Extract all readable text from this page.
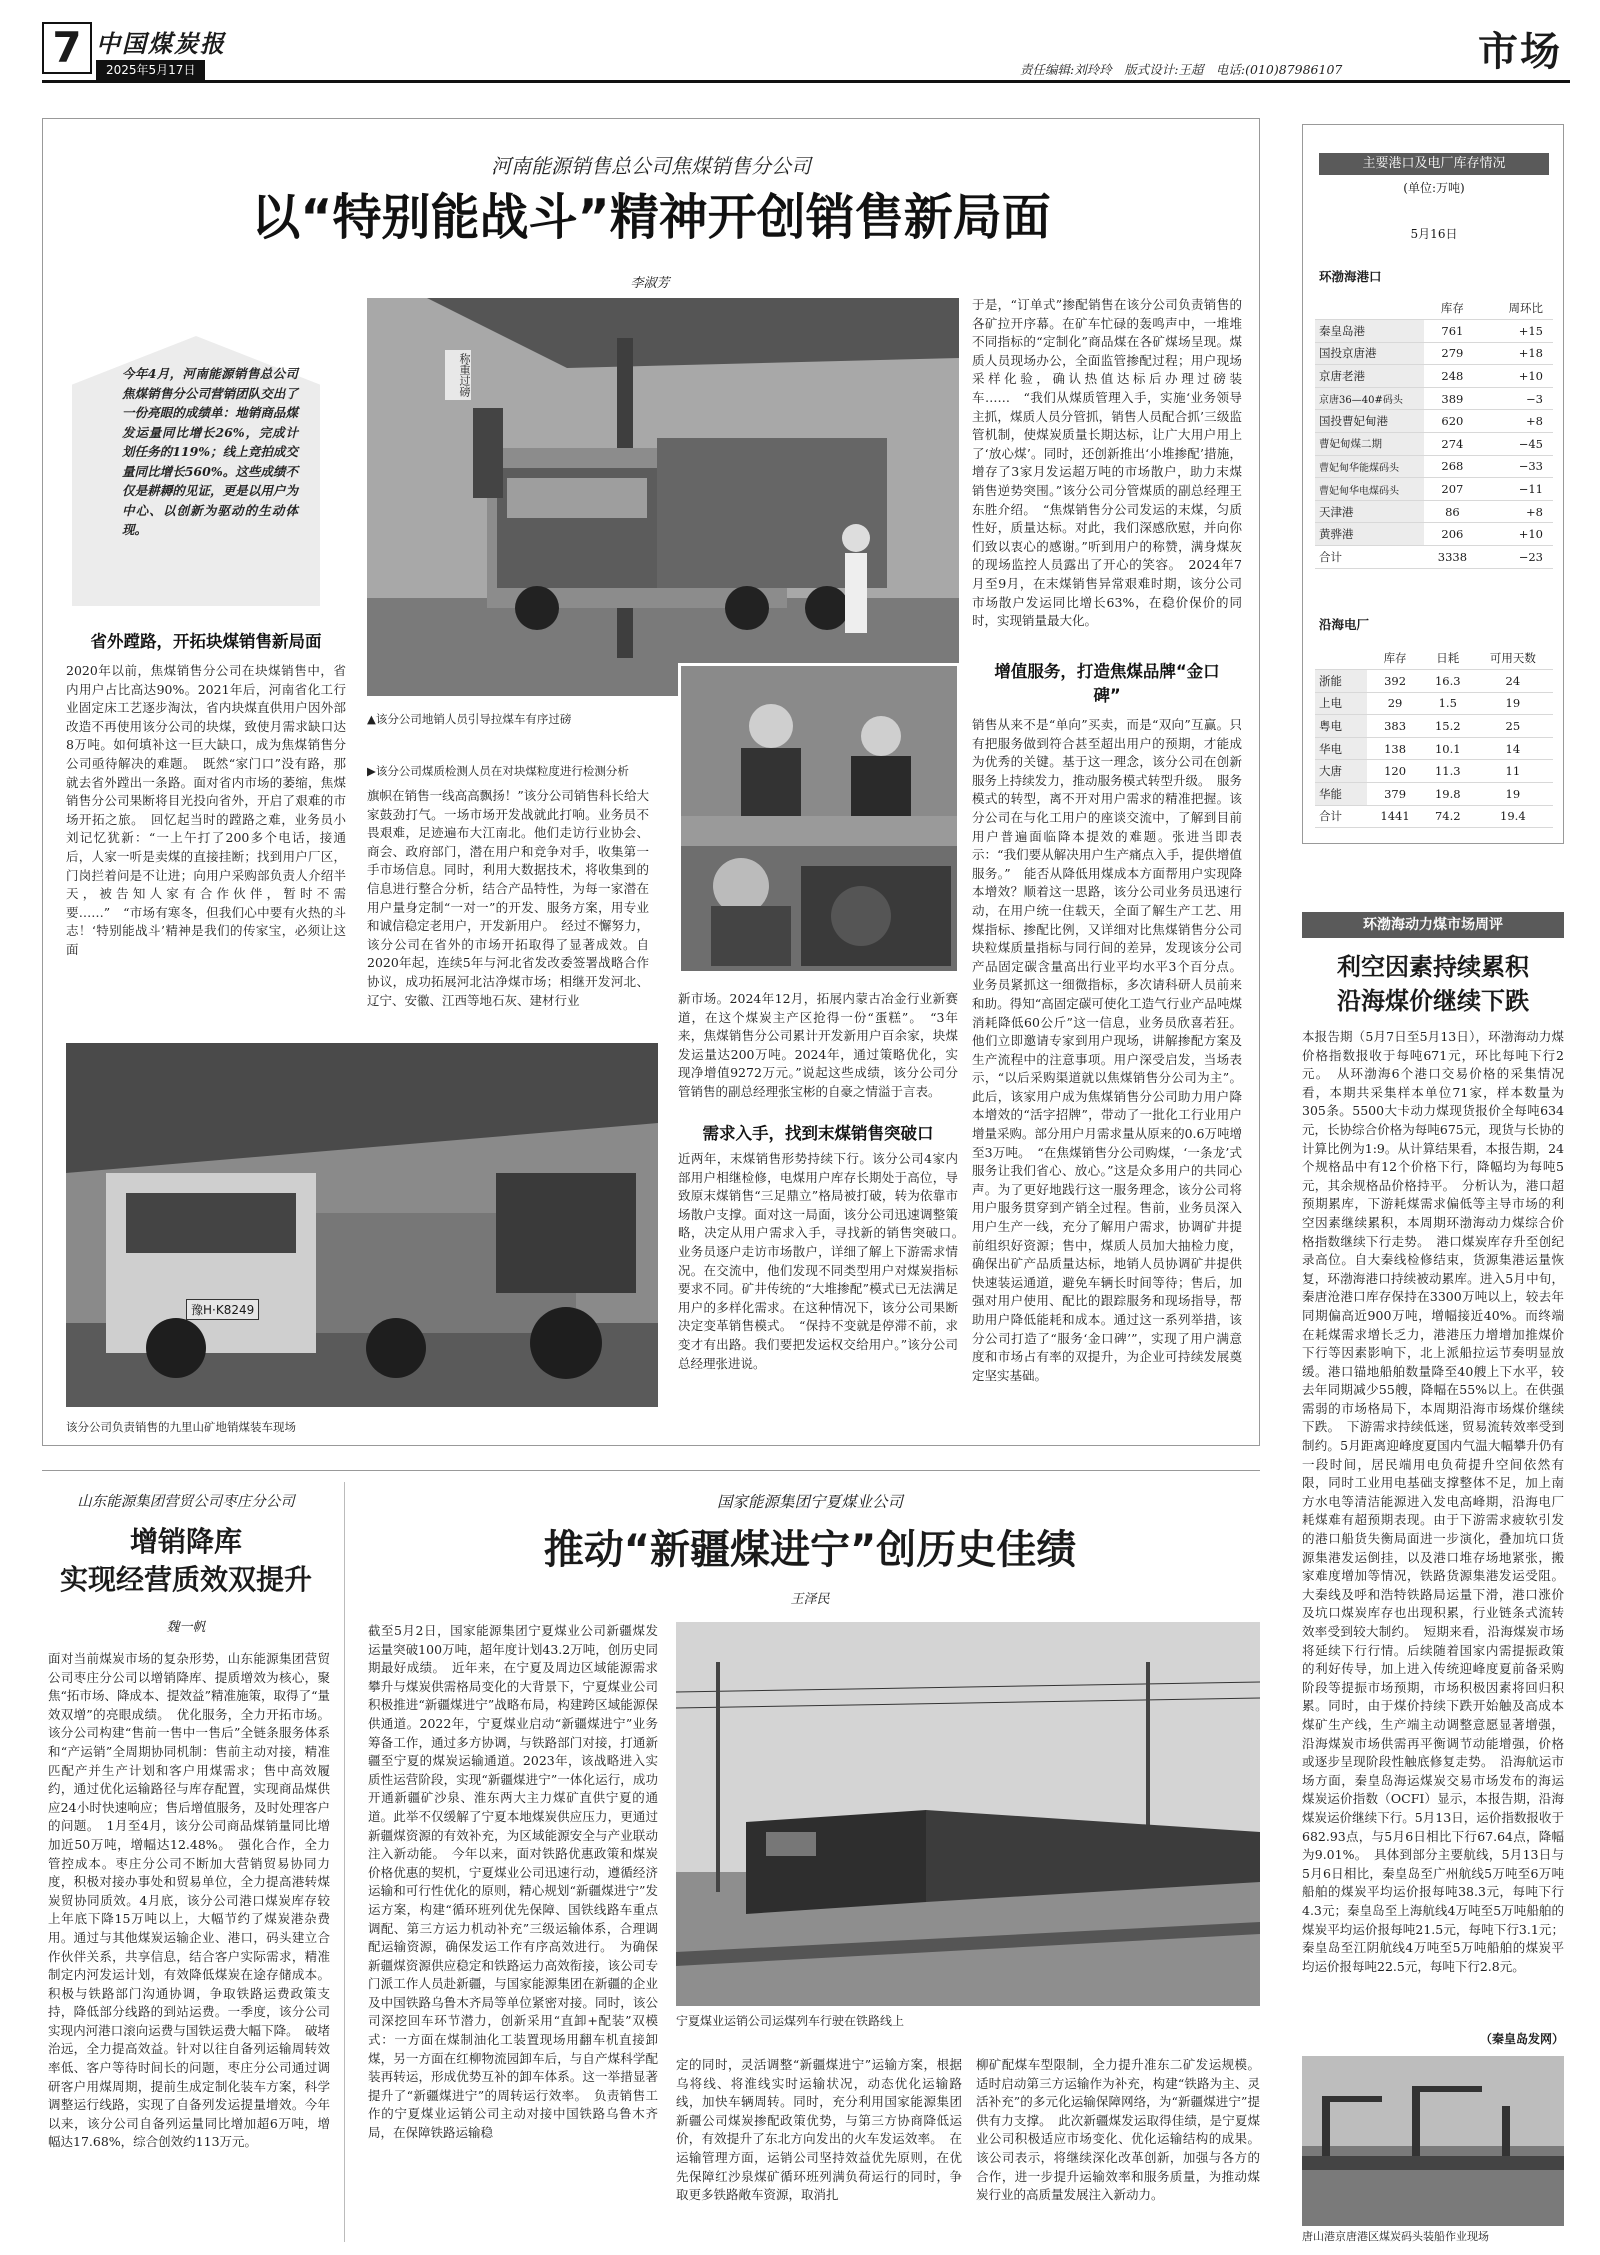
7 中国煤炭报
2025年5月17日	责任编辑:刘玲玲　版式设计:王超　电话:(010)87986107	市场
河南能源销售总公司焦煤销售分公司
以“特别能战斗”精神开创销售新局面
李淑芳
今年4月，河南能源销售总公司焦煤销售分公司营销团队交出了一份亮眼的成绩单：地销商品煤发运量同比增长26%，完成计划任务的119%；线上竞拍成交量同比增长560%。这些成绩不仅是耕耨的见证，更是以用户为中心、以创新为驱动的生动体现。
省外蹚路，开拓块煤销售新局面
2020年以前，焦煤销售分公司在块煤销售中，省内用户占比高达90%。2021年后，河南省化工行业固定床工艺逐步淘汰，省内块煤直供用户因外部改造不再使用该分公司的块煤，致使月需求缺口达8万吨。如何填补这一巨大缺口，成为焦煤销售分公司亟待解决的难题。　既然“家门口”没有路，那就去省外蹚出一条路。面对省内市场的萎缩，焦煤销售分公司果断将目光投向省外，开启了艰难的市场开拓之旅。　回忆起当时的蹚路之难，业务员小刘记忆犹新：“一上午打了200多个电话，接通后，人家一听是卖煤的直接挂断；找到用户厂区，门岗拦着问是不让进；向用户采购部负责人介绍半天，被告知人家有合作伙伴，暂时不需要……”　“市场有寒冬，但我们心中要有火热的斗志！‘特别能战斗’精神是我们的传家宝，必须让这面
称重过磅
▲该分公司地销人员引导拉煤车有序过磅
▶该分公司煤质检测人员在对块煤粒度进行检测分析
豫H·K8249
该分公司负责销售的九里山矿地销煤装车现场
旗帜在销售一线高高飘扬！”该分公司销售科长给大家鼓劲打气。一场市场开发战就此打响。业务员不畏艰难，足迹遍布大江南北。他们走访行业协会、商会、政府部门，潜在用户和竞争对手，收集第一手市场信息。同时，利用大数据技术，将收集到的信息进行整合分析，结合产品特性，为每一家潜在用户量身定制“一对一”的开发、服务方案，用专业和诚信稳定老用户，开发新用户。　经过不懈努力，该分公司在省外的市场开拓取得了显著成效。自2020年起，连续5年与河北省发改委签署战略合作协议，成功拓展河北沽净煤市场；相继开发河北、辽宁、安徽、江西等地石灰、建材行业	新市场。2024年12月，拓展内蒙古冶金行业新赛道，在这个煤炭主产区抢得一份“蛋糕”。　“3年来，焦煤销售分公司累计开发新用户百余家，块煤发运量达200万吨。2024年，通过策略优化，实现净增值9272万元。”说起这些成绩，该分公司分管销售的副总经理张宝彬的自豪之情溢于言表。
需求入手，找到末煤销售突破口
近两年，末煤销售形势持续下行。该分公司4家内部用户相继检修，电煤用户库存长期处于高位，导致原末煤销售“三足鼎立”格局被打破，转为依靠市场散户支撑。面对这一局面，该分公司迅速调整策略，决定从用户需求入手，寻找新的销售突破口。　业务员逐户走访市场散户，详细了解上下游需求情况。在交流中，他们发现不同类型用户对煤炭指标要求不同。矿井传统的“大堆掺配”模式已无法满足用户的多样化需求。在这种情况下，该分公司果断决定变革销售模式。　“保持不变就是停滞不前，求变才有出路。我们要把发运权交给用户。”该分公司总经理张进说。
于是，“订单式”掺配销售在该分公司负责销售的各矿拉开序幕。在矿车忙碌的轰鸣声中，一堆堆不同指标的“定制化”商品煤在各矿煤场呈现。煤质人员现场办公，全面监管掺配过程；用户现场采样化验，确认热值达标后办理过磅装车……　“我们从煤质管理入手，实施‘业务领导主抓，煤质人员分管抓，销售人员配合抓’三级监管机制，使煤炭质量长期达标，让广大用户用上了‘放心煤’。同时，还创新推出‘小堆掺配’措施，增存了3家月发运超万吨的市场散户，助力末煤销售逆势突围。”该分公司分管煤质的副总经理王东胜介绍。　“焦煤销售分公司发运的末煤，匀质性好，质量达标。对此，我们深感欣慰，并向你们致以衷心的感谢。”听到用户的称赞，满身煤灰的现场监控人员露出了开心的笑容。　2024年7月至9月，在末煤销售异常艰难时期，该分公司市场散户发运同比增长63%，在稳价保价的同时，实现销量最大化。
增值服务，打造焦煤品牌“金口碑”
销售从来不是“单向”买卖，而是“双向”互赢。只有把服务做到符合甚至超出用户的预期，才能成为优秀的关键。基于这一理念，该分公司在创新服务上持续发力，推动服务模式转型升级。　服务模式的转型，离不开对用户需求的精准把握。该分公司在与化工用户的座谈交流中，了解到目前用户普遍面临降本提效的难题。张进当即表示：“我们要从解决用户生产痛点入手，提供增值服务。”　能否从降低用煤成本方面帮用户实现降本增效？顺着这一思路，该分公司业务员迅速行动，在用户统一住载天，全面了解生产工艺、用煤指标、掺配比例，又详细对比焦煤销售分公司块粒煤质量指标与同行间的差异，发现该分公司产品固定碳含量高出行业平均水平3个百分点。业务员紧抓这一细微指标，多次请科研人员前来和助。得知“高固定碳可使化工造气行业产品吨煤消耗降低60公斤”这一信息，业务员欣喜若狂。他们立即邀请专家到用户现场，讲解掺配方案及生产流程中的注意事项。用户深受启发，当场表示，“以后采购渠道就以焦煤销售分公司为主”。此后，该家用户成为焦煤销售分公司助力用户降本增效的“活字招牌”，带动了一批化工行业用户增量采购。部分用户月需求量从原来的0.6万吨增至3万吨。　“在焦煤销售分公司购煤，‘一条龙’式服务让我们省心、放心。”这是众多用户的共同心声。为了更好地践行这一服务理念，该分公司将用户服务贯穿到产销全过程。售前，业务员深入用户生产一线，充分了解用户需求，协调矿井提前组织好资源；售中，煤质人员加大抽检力度，确保出矿产品质量达标，地销人员协调矿井提供快速装运通道，避免车辆长时间等待；售后，加强对用户使用、配比的跟踪服务和现场指导，帮助用户降低能耗和成本。通过这一系列举措，该分公司打造了“服务‘金口碑’”，实现了用户满意度和市场占有率的双提升，为企业可持续发展奠定坚实基础。
主要港口及电厂库存情况
(单位:万吨)
5月16日
环渤海港口
	库存	周环比
秦皇岛港	761	+15
国投京唐港	279	+18
京唐老港	248	+10
京唐36—40#码头	389	−3
国投曹妃甸港	620	+8
曹妃甸煤二期	274	−45
曹妃甸华能煤码头	268	−33
曹妃甸华电煤码头	207	−11
天津港	86	+8
黄骅港	206	+10
合计	3338	−23
沿海电厂
	库存	日耗	可用天数
浙能	392	16.3	24
上电	29	1.5	19
粤电	383	15.2	25
华电	138	10.1	14
大唐	120	11.3	11
华能	379	19.8	19
合计	1441	74.2	19.4
环渤海动力煤市场周评
利空因素持续累积　沿海煤价继续下跌
本报告期（5月7日至5月13日），环渤海动力煤价格指数报收于每吨671元，环比每吨下行2元。　从环渤海6个港口交易价格的采集情况看，本期共采集样本单位71家，样本数量为305条。5500大卡动力煤现货报价全每吨634元，长协综合价格为每吨675元，现货与长协的计算比例为1:9。从计算结果看，本报告期，24个规格品中有12个价格下行，降幅均为每吨5元，其余规格品价格持平。　分析认为，港口超预期累库，下游耗煤需求偏低等主导市场的利空因素继续累积，本周期环渤海动力煤综合价格指数继续下行走势。　港口煤炭库存升至创纪录高位。自大秦线检修结束，货源集港运量恢复，环渤海港口持续被动累库。进入5月中旬，秦唐沧港口库存保持在3300万吨以上，较去年同期偏高近900万吨，增幅接近40%。而终端在耗煤需求增长乏力，港港压力增增加推煤价下行等因素影响下，北上派船拉运节奏明显放缓。港口锚地船舶数量降至40艘上下水平，较去年同期减少55艘，降幅在55%以上。在供强需弱的市场格局下，本周期沿海市场煤价继续下跌。　下游需求持续低迷，贸易流转效率受到制约。5月距离迎峰度夏国内气温大幅攀升仍有一段时间，居民端用电负荷提升空间依然有限，同时工业用电基础支撑整体不足，加上南方水电等清洁能源进入发电高峰期，沿海电厂耗煤难有超预期表现。由于下游需求疲软引发的港口船货失衡局面进一步演化，叠加坑口货源集港发运倒挂，以及港口堆存场地紧张，搬家难度增加等情况，铁路货源集港发运受阻。大秦线及呼和浩特铁路局运量下滑，港口涨价及坑口煤炭库存也出现积累，行业链条式流转效率受到较大制约。　短期来看，沿海煤炭市场将延续下行行情。后续随着国家内需提振政策的利好传导，加上进入传统迎峰度夏前备采购阶段等提振市场预期，市场积极因素将回归积累。同时，由于煤价持续下跌开始触及高成本煤矿生产线，生产端主动调整意愿显著增强，沿海煤炭市场供需再平衡调节动能增强，价格或逐步呈现阶段性触底修复走势。　沿海航运市场方面，秦皇岛海运煤炭交易市场发布的海运煤炭运价指数（OCFI）显示，本报告期，沿海煤炭运价继续下行。5月13日，运价指数报收于682.93点，与5月6日相比下行67.64点，降幅为9.01%。　具体到部分主要航线，5月13日与5月6日相比，秦皇岛至广州航线5万吨至6万吨船舶的煤炭平均运价报每吨38.3元，每吨下行4.3元；秦皇岛至上海航线4万吨至5万吨船舶的煤炭平均运价报每吨21.5元，每吨下行3.1元；秦皇岛至江阴航线4万吨至5万吨船舶的煤炭平均运价报每吨22.5元，每吨下行2.8元。
（秦皇岛发网）
唐山港京唐港区煤炭码头装船作业现场
山东能源集团营贸公司枣庄分公司
增销降库
实现经营质效双提升
魏一帆
面对当前煤炭市场的复杂形势，山东能源集团营贸公司枣庄分公司以增销降库、提质增效为核心，聚焦“拓市场、降成本、提效益”精准施策，取得了“量效双增”的亮眼成绩。　优化服务，全力开拓市场。该分公司构建“售前一售中一售后”全链条服务体系和“产运销”全周期协同机制：售前主动对接，精准匹配产并生产计划和客户用煤需求；售中高效履约，通过优化运输路径与库存配置，实现商品煤供应24小时快速响应；售后增值服务，及时处理客户的问题。　1月至4月，该分公司商品煤销量同比增加近50万吨，增幅达12.48%。　强化合作，全力管控成本。枣庄分公司不断加大营销贸易协同力度，积极对接办事处和贸易单位，全力提高港转煤炭贸协同质效。4月底，该分公司港口煤炭库存较上年底下降15万吨以上，大幅节约了煤炭港杂费用。通过与其他煤炭运输企业、港口，码头建立合作伙伴关系，共享信息，结合客户实际需求，精准制定内河发运计划，有效降低煤炭在途存储成本。积极与铁路部门沟通协调，争取铁路运费政策支持，降低部分线路的到站运费。一季度，该分公司实现内河港口滚向运费与国铁运费大幅下降。　破堵治远，全力提高效益。针对以往自备列运输周转效率低、客户等待时间长的问题，枣庄分公司通过调研客户用煤周期，提前生成定制化装车方案，科学调整运行线路，实现了自备列发运提量增效。今年以来，该分公司自备列运量同比增加超6万吨，增幅达17.68%，综合创效约113万元。
国家能源集团宁夏煤业公司
推动“新疆煤进宁”创历史佳绩
王泽民
截至5月2日，国家能源集团宁夏煤业公司新疆煤发运量突破100万吨，超年度计划43.2万吨，创历史同期最好成绩。　近年来，在宁夏及周边区域能源需求攀升与煤炭供需格局变化的大背景下，宁夏煤业公司积极推进“新疆煤进宁”战略布局，构建跨区域能源保供通道。2022年，宁夏煤业启动“新疆煤进宁”业务筹备工作，通过多方协调，与铁路部门对接，打通新疆至宁夏的煤炭运输通道。2023年，该战略进入实质性运营阶段，实现“新疆煤进宁”一体化运行，成功开通新疆矿沙泉、淮东两大主力煤矿直供宁夏的通道。此举不仅缓解了宁夏本地煤炭供应压力，更通过新疆煤资源的有效补充，为区域能源安全与产业联动注入新动能。　今年以来，面对铁路优惠政策和煤炭价格优惠的契机，宁夏煤业公司迅速行动，遵循经济运输和可行性优化的原则，精心规划“新疆煤进宁”发运方案，构建“循环班列优先保障、国铁线路车重点调配、第三方运力机动补充”三级运输体系，合理调配运输资源，确保发运工作有序高效进行。　为确保新疆煤资源供应稳定和铁路运力高效衔接，该公司专门派工作人员赴新疆，与国家能源集团在新疆的企业及中国铁路乌鲁木齐局等单位紧密对接。同时，该公司深挖回车环节潜力，创新采用“直卸+配装”双模式：一方面在煤制油化工装置现场用翻车机直接卸煤，另一方面在红柳物流园卸车后，与自产煤科学配装再转运，形成优势互补的卸车体系。这一举措显著提升了“新疆煤进宁”的周转运行效率。　负责销售工作的宁夏煤业运销公司主动对接中国铁路乌鲁木齐局，在保障铁路运输稳
宁夏煤业运销公司运煤列车行驶在铁路线上
定的同时，灵活调整“新疆煤进宁”运输方案，根据乌将线、将淮线实时运输状况，动态优化运输路线，加快车辆周转。同时，充分利用国家能源集团新疆公司煤炭掺配政策优势，与第三方协商降低运价，有效提升了东北方向发出的火车发运效率。　在运输管理方面，运销公司坚持效益优先原则，在优先保障红沙泉煤矿循环班列满负荷运行的同时，争取更多铁路敞车资源，取消扎
柳矿配煤车型限制，全力提升准东二矿发运规模。适时启动第三方运输作为补充，构建“铁路为主、灵活补充”的多元化运输保障网络，为“新疆煤进宁”提供有力支撑。　此次新疆煤发运取得佳绩，是宁夏煤业公司积极适应市场变化、优化运输结构的成果。该公司表示，将继续深化改革创新，加强与各方的合作，进一步提升运输效率和服务质量，为推动煤炭行业的高质量发展注入新动力。
